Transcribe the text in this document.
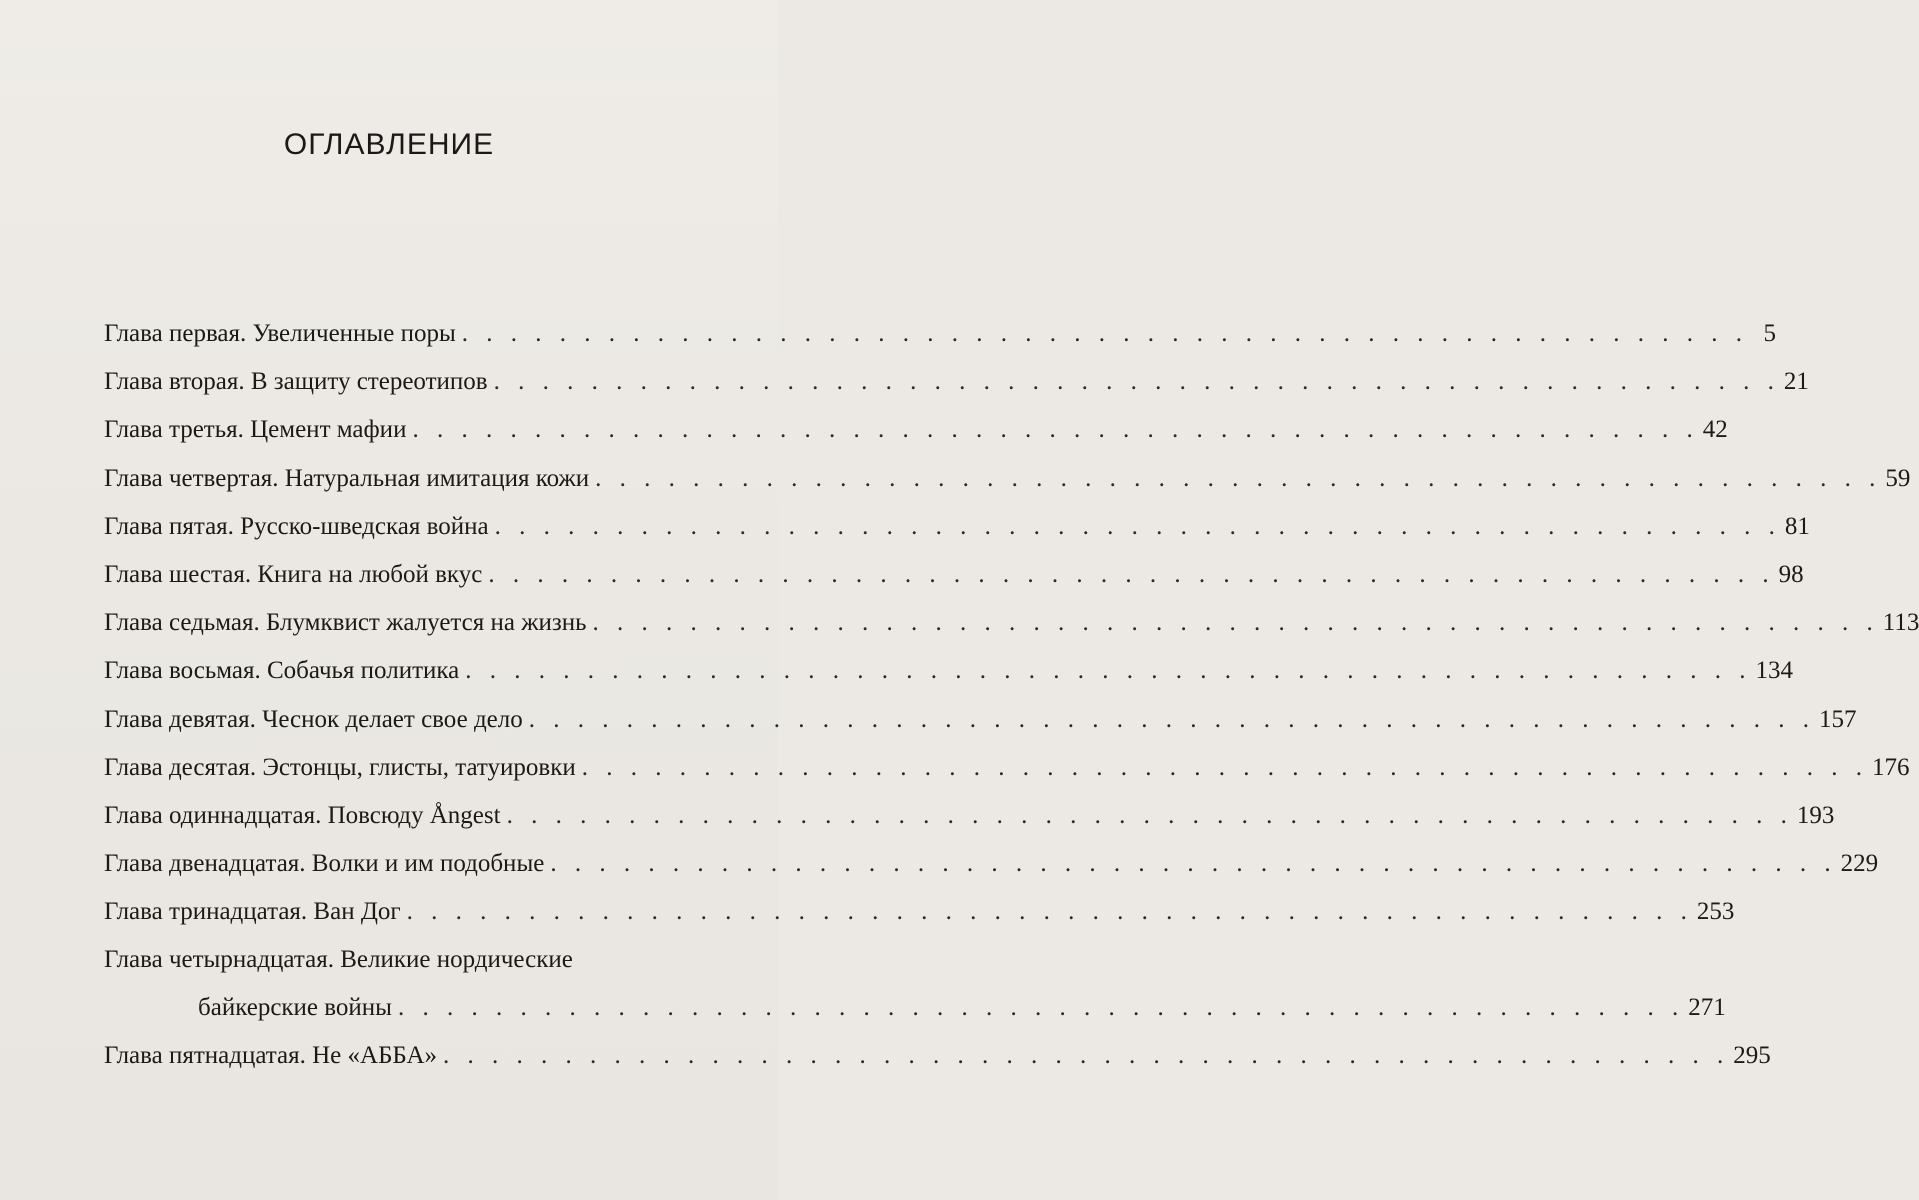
ОГЛАВЛЕНИЕ
Глава первая. Увеличенные поры . . .	5
Глава вторая. В защиту стереотипов . . .	21
Глава третья. Цемент мафии . . .	42
Глава четвертая. Натуральная имитация кожи . . .	59
Глава пятая. Русско-шведская война . . .	81
Глава шестая. Книга на любой вкус . . .	98
Глава седьмая. Блумквист жалуется на жизнь . . .	113
Глава восьмая. Собачья политика . . .	134
Глава девятая. Чеснок делает свое дело . . .	157
Глава десятая. Эстонцы, глисты, татуировки . . .	176
Глава одиннадцатая. Повсюду Ångest . . .	193
Глава двенадцатая. Волки и им подобные . . .	229
Глава тринадцатая. Ван Дог . . .	253
Глава четырнадцатая. Великие нордические
байкерские войны . . .	271
Глава пятнадцатая. Не «АББА» . . .	295
